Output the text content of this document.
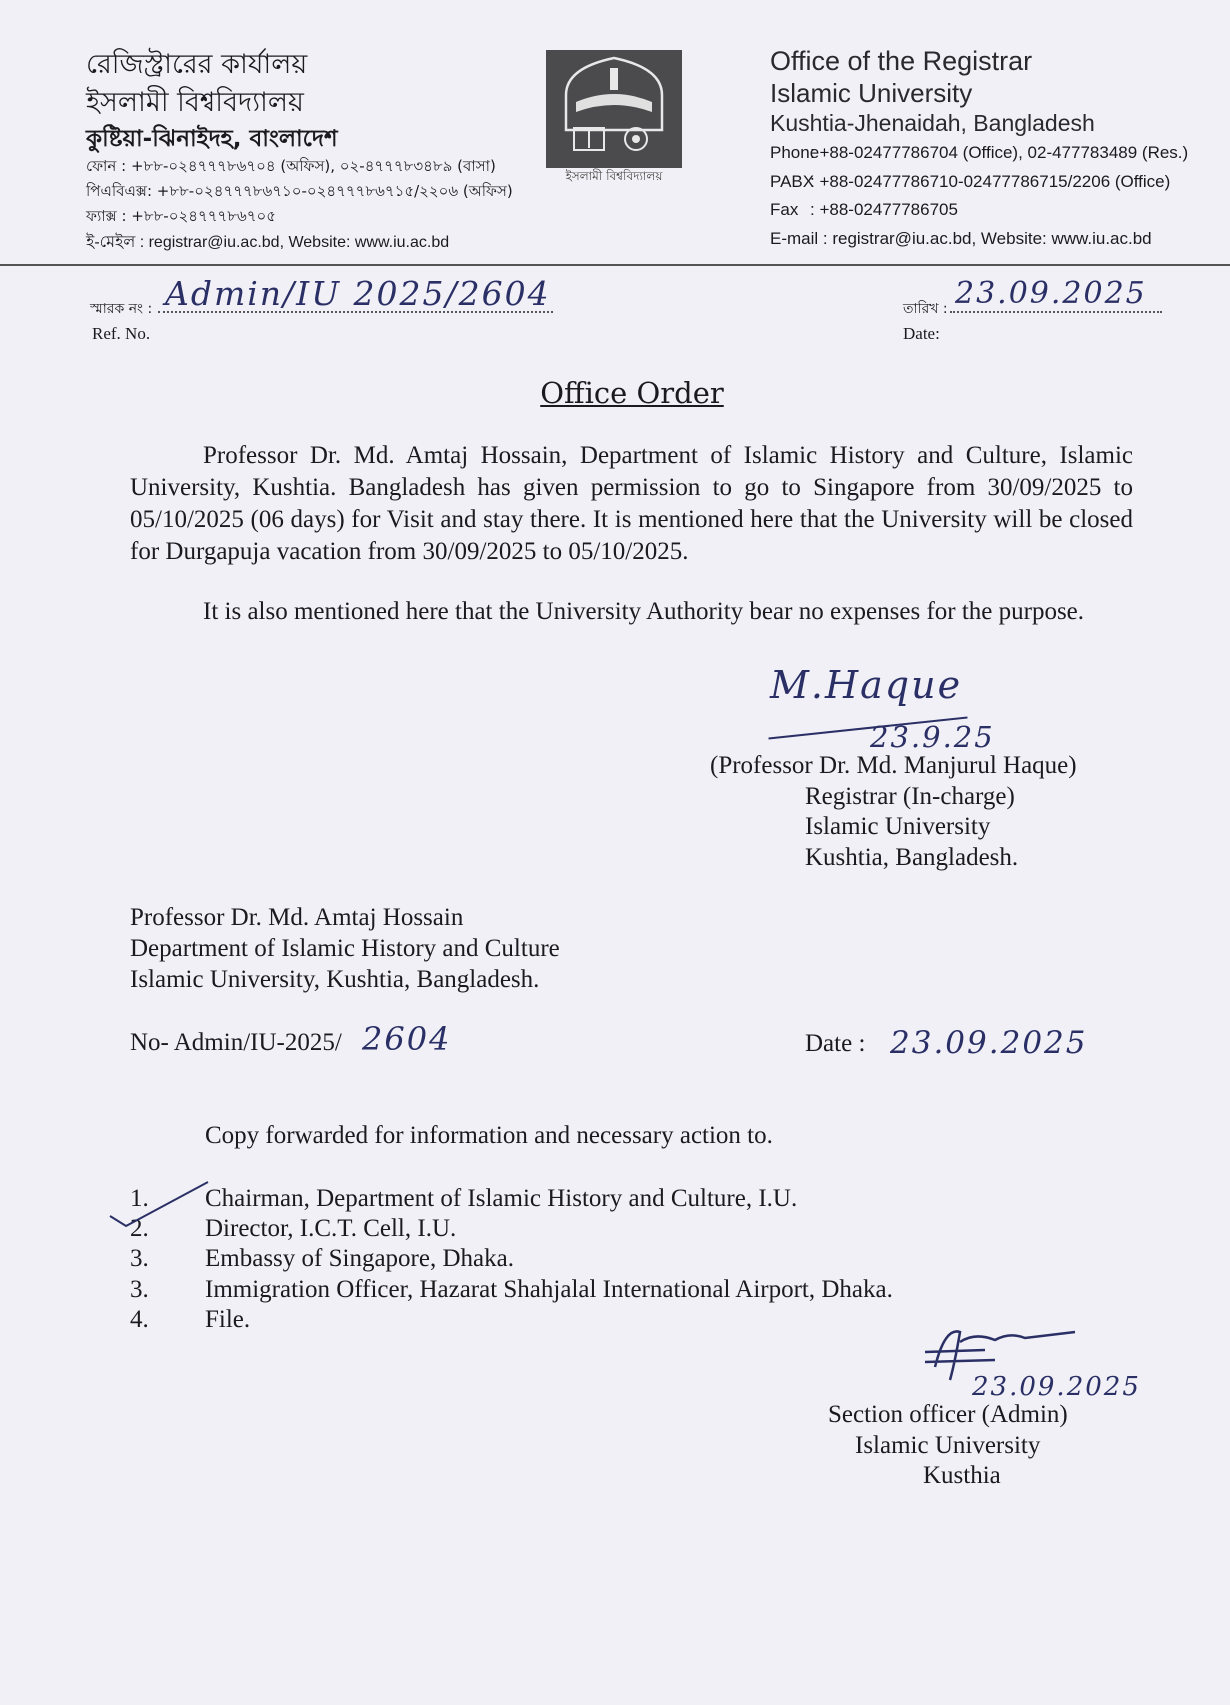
রেজিস্ট্রারের কার্যালয়
ইসলামী বিশ্ববিদ্যালয়
কুষ্টিয়া-ঝিনাইদহ, বাংলাদেশ
ফোন : +৮৮-০২৪৭৭৭৮৬৭০৪ (অফিস), ০২-৪৭৭৭৮৩৪৮৯ (বাসা)
পিএবিএক্স: +৮৮-০২৪৭৭৭৮৬৭১০-০২৪৭৭৭৮৬৭১৫/২২০৬ (অফিস)
ফ্যাক্স : +৮৮-০২৪৭৭৭৮৬৭০৫
ই-মেইল : registrar@iu.ac.bd, Website: www.iu.ac.bd
ইসলামী বিশ্ববিদ্যালয়
Office of the Registrar
Islamic University
Kushtia-Jhenaidah, Bangladesh
Phone: +88-02477786704 (Office), 02-477783489 (Res.)
PABX: +88-02477786710-02477786715/2206 (Office)
Fax : +88-02477786705
E-mail : registrar@iu.ac.bd, Website: www.iu.ac.bd
স্মারক নং : Admin/IU 2025/2604
Ref. No.
তারিখ : 23.09.2025
Date:
Office Order
Professor Dr. Md. Amtaj Hossain, Department of Islamic History and Culture, Islamic University, Kushtia. Bangladesh has given permission to go to Singapore from 30/09/2025 to 05/10/2025 (06 days) for Visit and stay there. It is mentioned here that the University will be closed for Durgapuja vacation from 30/09/2025 to 05/10/2025.
It is also mentioned here that the University Authority bear no expenses for the purpose.
M.Haque
23.9.25
(Professor Dr. Md. Manjurul Haque)
Registrar (In-charge)
Islamic University
Kushtia, Bangladesh.
Professor Dr. Md. Amtaj Hossain
Department of Islamic History and Culture
Islamic University, Kushtia, Bangladesh.
No- Admin/IU-2025/ 2604	Date : 23.09.2025
Copy forwarded for information and necessary action to.
1. Chairman, Department of Islamic History and Culture, I.U.
2. Director, I.C.T. Cell, I.U.
3. Embassy of Singapore, Dhaka.
3. Immigration Officer, Hazarat Shahjalal International Airport, Dhaka.
4. File.
23.09.2025
Section officer (Admin)
Islamic University
Kusthia
